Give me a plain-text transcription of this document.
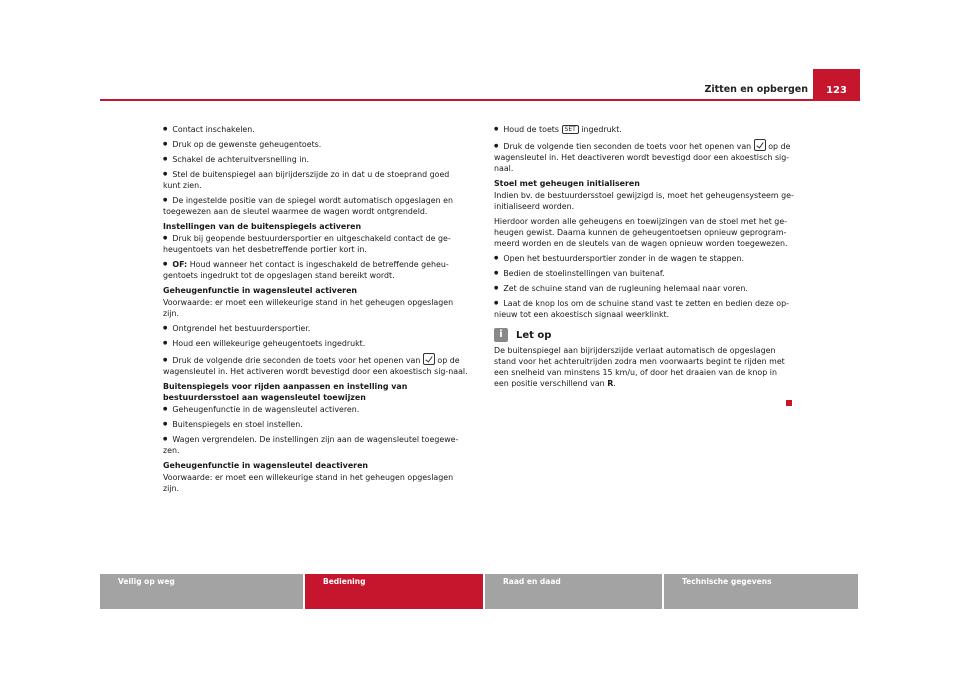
Zitten en opbergen	123

● Contact inschakelen.

● Druk op de gewenste geheugentoets.

● Schakel de achteruitversnelling in.

● Stel de buitenspiegel aan bijrijderszijde zo in dat u de stoeprand goed kunt zien.

● De ingestelde positie van de spiegel wordt automatisch opgeslagen en toegewezen aan de sleutel waarmee de wagen wordt ontgrendeld.

Instellingen van de buitenspiegels activeren

● Druk bij geopende bestuurdersportier en uitgeschakeld contact de ge-heugentoets van het desbetreffende portier kort in.

● OF: Houd wanneer het contact is ingeschakeld de betreffende geheu-gentoets ingedrukt tot de opgeslagen stand bereikt wordt.

Geheugenfunctie in wagensleutel activeren

Voorwaarde: er moet een willekeurige stand in het geheugen opgeslagen zijn.

● Ontgrendel het bestuurdersportier.

● Houd een willekeurige geheugentoets ingedrukt.

● Druk de volgende drie seconden de toets voor het openen van op de wagensleutel in. Het activeren wordt bevestigd door een akoestisch sig-naal.

Buitenspiegels voor rijden aanpassen en instelling van bestuurdersstoel aan wagensleutel toewijzen

● Geheugenfunctie in de wagensleutel activeren.

● Buitenspiegels en stoel instellen.

● Wagen vergrendelen. De instellingen zijn aan de wagensleutel toegewe-zen.

Geheugenfunctie in wagensleutel deactiveren

Voorwaarde: er moet een willekeurige stand in het geheugen opgeslagen zijn.

● Houd de toets SET ingedrukt.

● Druk de volgende tien seconden de toets voor het openen van op de wagensleutel in. Het deactiveren wordt bevestigd door een akoestisch sig-naal.

Stoel met geheugen initialiseren

Indien bv. de bestuurdersstoel gewijzigd is, moet het geheugensysteem ge-initialiseerd worden.

Hierdoor worden alle geheugens en toewijzingen van de stoel met het ge-heugen gewist. Daarna kunnen de geheugentoetsen opnieuw geprogram-meerd worden en de sleutels van de wagen opnieuw worden toegewezen.

● Open het bestuurdersportier zonder in de wagen te stappen.

● Bedien de stoelinstellingen van buitenaf.

● Zet de schuine stand van de rugleuning helemaal naar voren.

● Laat de knop los om de schuine stand vast te zetten en bedien deze op-nieuw tot een akoestisch signaal weerklinkt.

i	Let op

De buitenspiegel aan bijrijderszijde verlaat automatisch de opgeslagen stand voor het achteruitrijden zodra men voorwaarts begint te rijden met een snelheid van minstens 15 km/u, of door het draaien van de knop in een positie verschillend van R.

Veilig op weg	Bediening	Raad en daad	Technische gegevens
